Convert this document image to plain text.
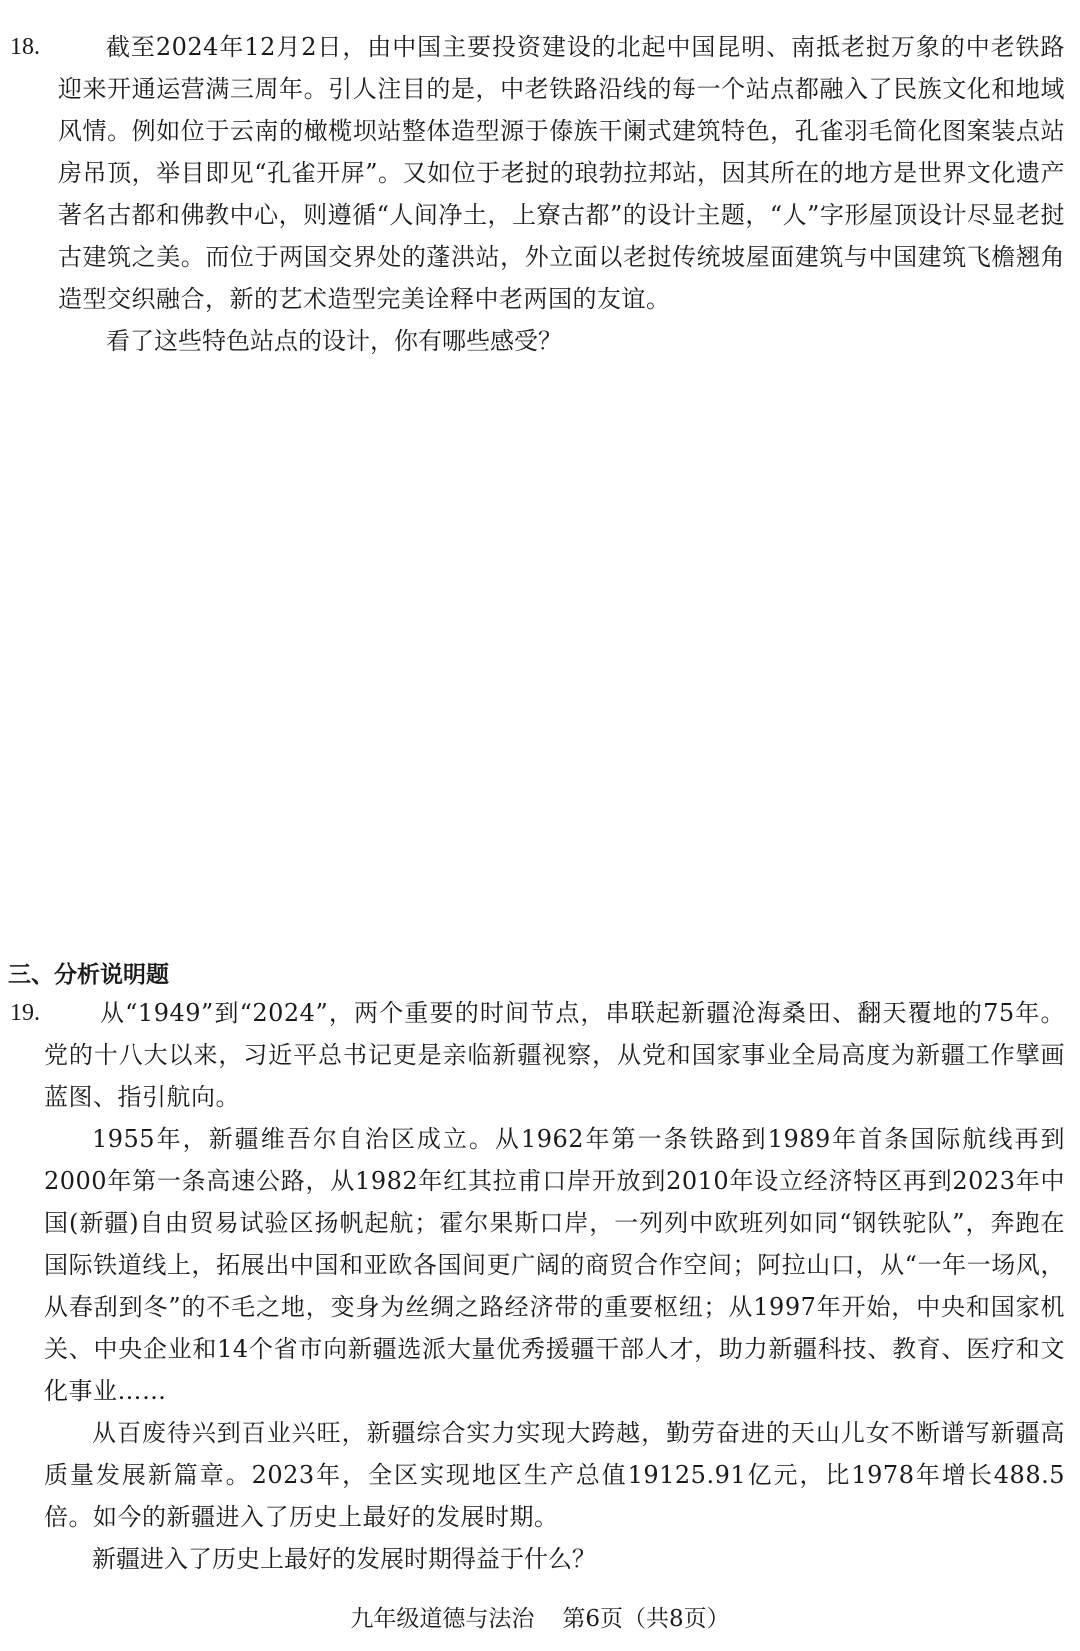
18.	截至2024年12月2日，由中国主要投资建设的北起中国昆明、南抵老挝万象的中老铁路迎来开通运营满三周年。引人注目的是，中老铁路沿线的每一个站点都融入了民族文化和地域风情。例如位于云南的橄榄坝站整体造型源于傣族干阑式建筑特色，孔雀羽毛简化图案装点站房吊顶，举目即见“孔雀开屏”。又如位于老挝的琅勃拉邦站，因其所在的地方是世界文化遗产著名古都和佛教中心，则遵循“人间净土，上寮古都”的设计主题，“人”字形屋顶设计尽显老挝古建筑之美。而位于两国交界处的蓬洪站，外立面以老挝传统坡屋面建筑与中国建筑飞檐翘角造型交织融合，新的艺术造型完美诠释中老两国的友谊。

看了这些特色站点的设计，你有哪些感受？

三、分析说明题
19.	从“1949”到“2024”，两个重要的时间节点，串联起新疆沧海桑田、翻天覆地的75年。党的十八大以来，习近平总书记更是亲临新疆视察，从党和国家事业全局高度为新疆工作擘画蓝图、指引航向。

1955年，新疆维吾尔自治区成立。从1962年第一条铁路到1989年首条国际航线再到2000年第一条高速公路，从1982年红其拉甫口岸开放到2010年设立经济特区再到2023年中国(新疆)自由贸易试验区扬帆起航；霍尔果斯口岸，一列列中欧班列如同“钢铁驼队”，奔跑在国际铁道线上，拓展出中国和亚欧各国间更广阔的商贸合作空间；阿拉山口，从“一年一场风，从春刮到冬”的不毛之地，变身为丝绸之路经济带的重要枢纽；从1997年开始，中央和国家机关、中央企业和14个省市向新疆选派大量优秀援疆干部人才，助力新疆科技、教育、医疗和文化事业……

从百废待兴到百业兴旺，新疆综合实力实现大跨越，勤劳奋进的天山儿女不断谱写新疆高质量发展新篇章。2023年，全区实现地区生产总值19125.91亿元，比1978年增长488.5倍。如今的新疆进入了历史上最好的发展时期。

新疆进入了历史上最好的发展时期得益于什么？

九年级道德与法治 第6页（共8页）
